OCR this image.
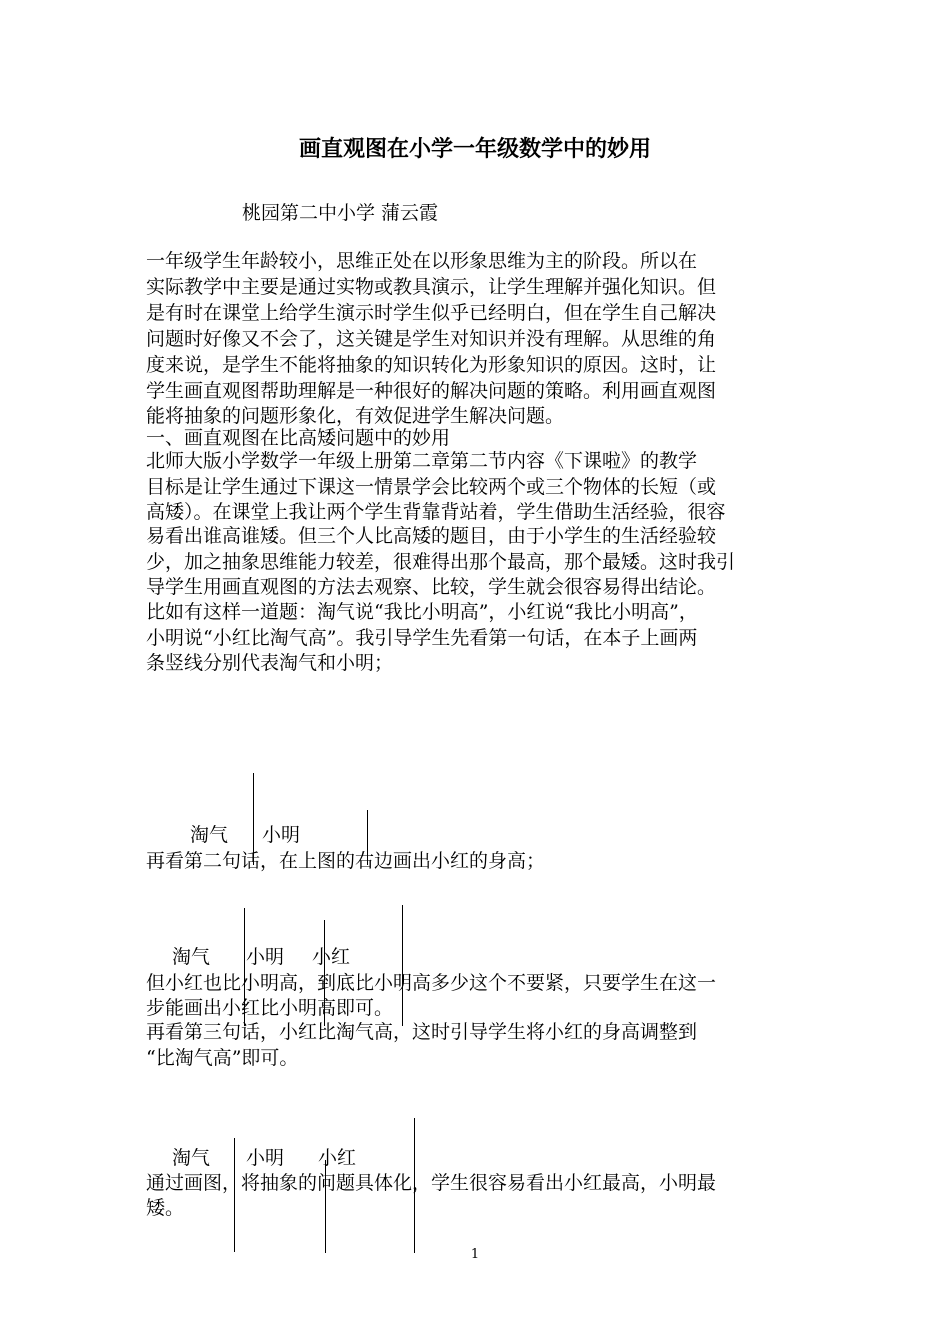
画直观图在小学一年级数学中的妙用

桃园第二中小学 蒲云霞

一年级学生年龄较小，思维正处在以形象思维为主的阶段。所以在

实际教学中主要是通过实物或教具演示，让学生理解并强化知识。但

是有时在课堂上给学生演示时学生似乎已经明白，但在学生自己解决

问题时好像又不会了，这关键是学生对知识并没有理解。从思维的角

度来说，是学生不能将抽象的知识转化为形象知识的原因。这时，让

学生画直观图帮助理解是一种很好的解决问题的策略。利用画直观图

能将抽象的问题形象化，有效促进学生解决问题。

一、画直观图在比高矮问题中的妙用

北师大版小学数学一年级上册第二章第二节内容《下课啦》的教学

目标是让学生通过下课这一情景学会比较两个或三个物体的长短（或

高矮）。在课堂上我让两个学生背靠背站着，学生借助生活经验，很容

易看出谁高谁矮。但三个人比高矮的题目，由于小学生的生活经验较

少，加之抽象思维能力较差，很难得出那个最高，那个最矮。这时我引

导学生用画直观图的方法去观察、比较，学生就会很容易得出结论。

比如有这样一道题：淘气说“我比小明高”，小红说“我比小明高”，

小明说“小红比淘气高”。我引导学生先看第一句话，在本子上画两

条竖线分别代表淘气和小明；

淘气 小明

再看第二句话，在上图的右边画出小红的身高；

淘气 小明 小红

但小红也比小明高，到底比小明高多少这个不要紧，只要学生在这一

步能画出小红比小明高即可。

再看第三句话，小红比淘气高，这时引导学生将小红的身高调整到

“比淘气高”即可。

淘气 小明 小红

通过画图，将抽象的问题具体化，学生很容易看出小红最高，小明最

矮。

1
